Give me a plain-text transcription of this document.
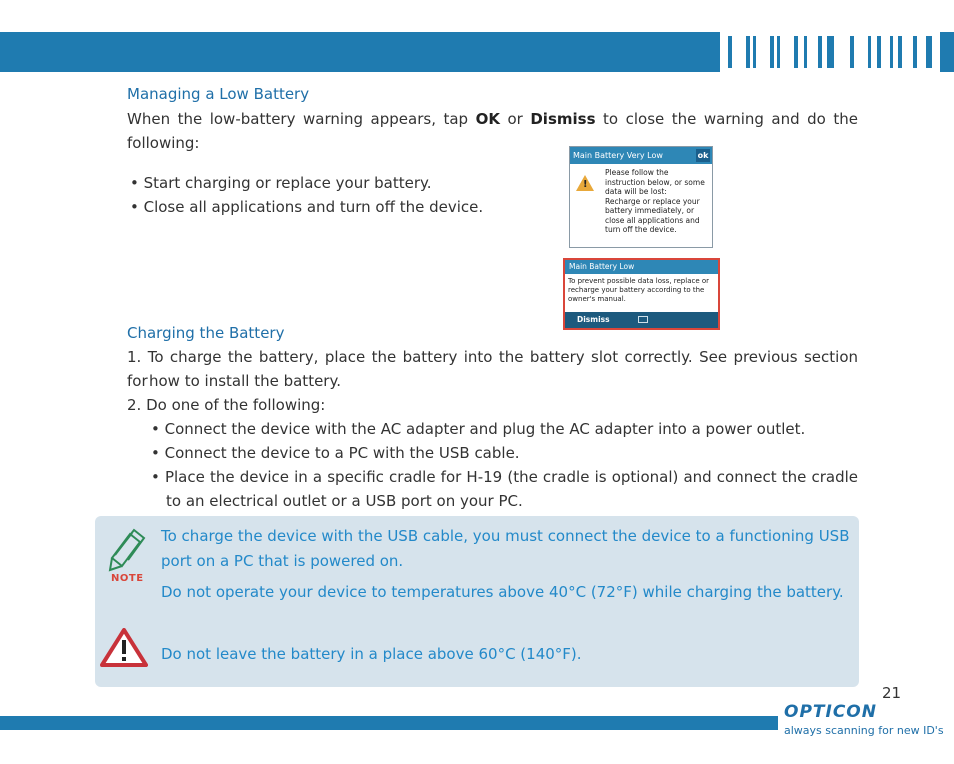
Managing a Low Battery
When the low-battery warning appears, tap OK or Dismiss to close the warning and do the
following:
• Start charging or replace your battery.
• Close all applications and turn off the device.
Main Battery Very Low	ok
!
Please follow the
instruction below, or some
data will be lost:
Recharge or replace your
battery immediately, or
close all applications and
turn off the device.
Main Battery Low
To prevent possible data loss, replace or
recharge your battery according to the
owner's manual.
Dismiss
Charging the Battery
1. To charge the battery, place the battery into the battery slot correctly. See previous section for how to install the battery.
2. Do one of the following:
• Connect the device with the AC adapter and plug the AC adapter into a power outlet.
• Connect the device to a PC with the USB cable.
• Place the device in a specific cradle for H-19 (the cradle is optional) and connect the cradle
to an electrical outlet or a USB port on your PC.
NOTE
To charge the device with the USB cable, you must connect the device to a functioning USB
port on a PC that is powered on.
Do not operate your device to temperatures above 40°C (72°F) while charging the battery.
Do not leave the battery in a place above 60°C (140°F).
21
OPTICON
always scanning for new ID's
